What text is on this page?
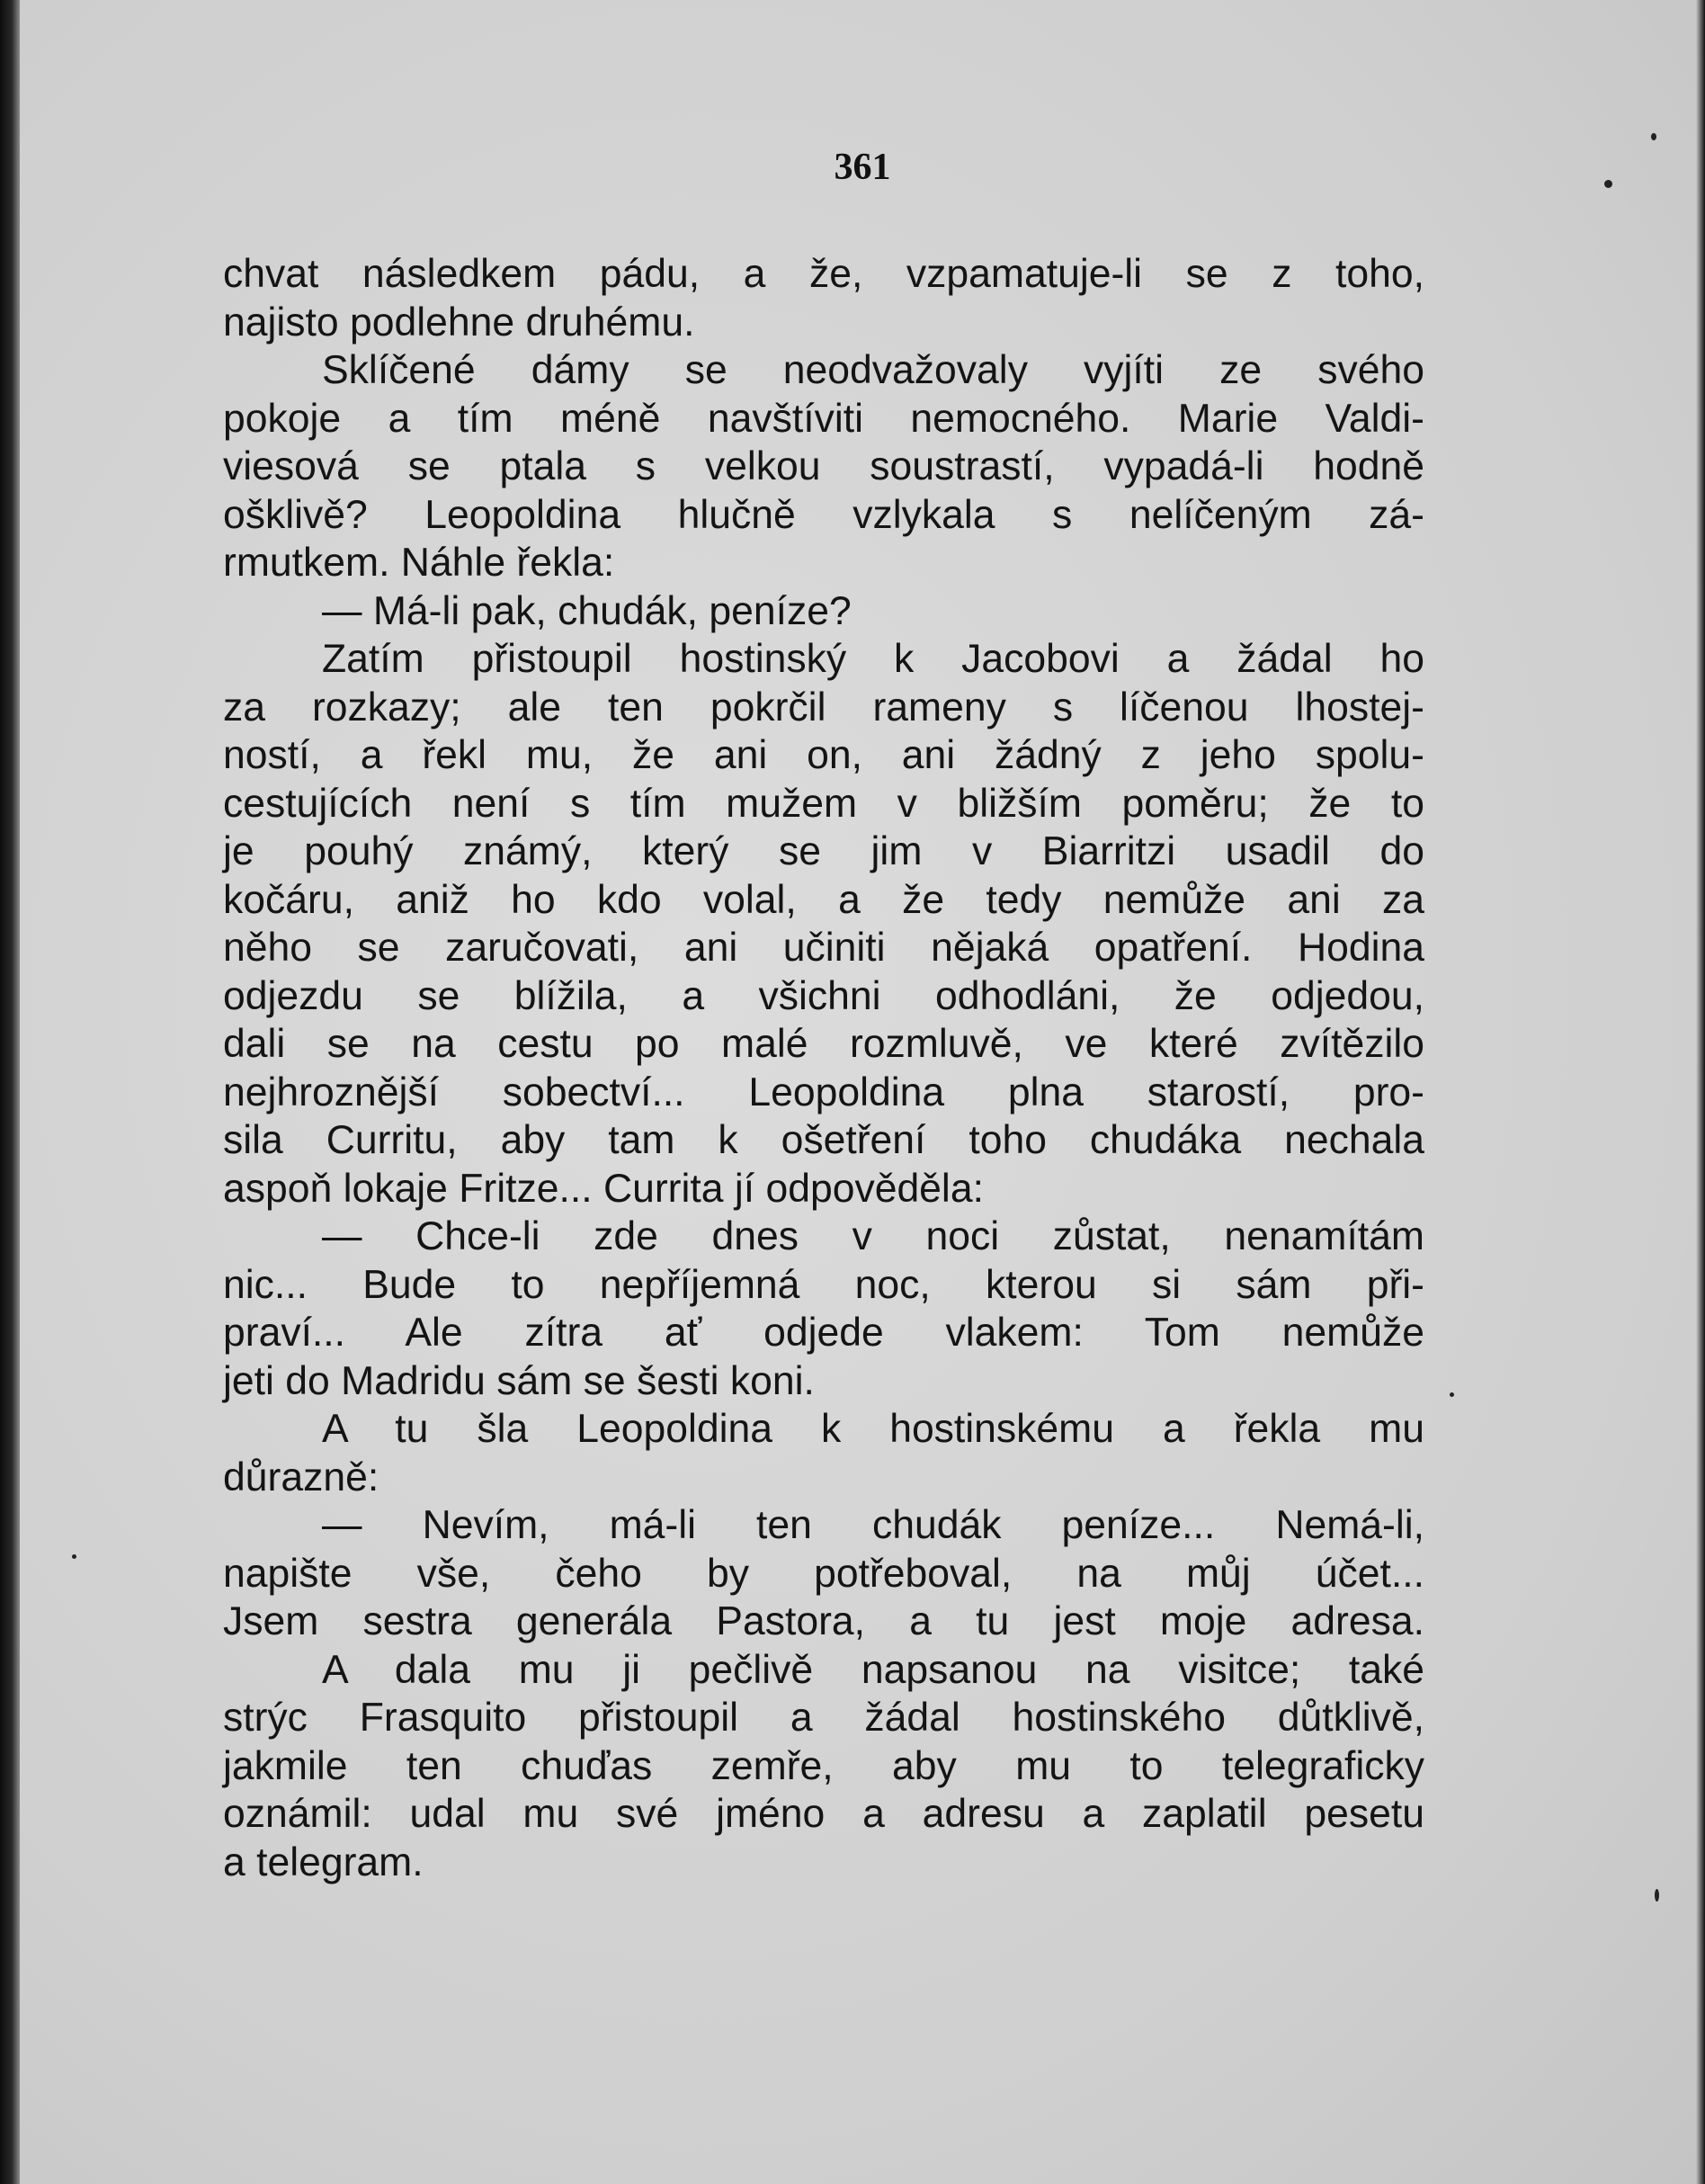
361
chvat následkem pádu, a že, vzpamatuje-li se z toho,
najisto podlehne druhému.
Sklíčené dámy se neodvažovaly vyjíti ze svého
pokoje a tím méně navštíviti nemocného. Marie Valdi-
viesová se ptala s velkou soustrastí, vypadá-li hodně
ošklivě? Leopoldina hlučně vzlykala s nelíčeným zá-
rmutkem. Náhle řekla:
— Má-li pak, chudák, peníze?
Zatím přistoupil hostinský k Jacobovi a žádal ho
za rozkazy; ale ten pokrčil rameny s líčenou lhostej-
ností, a řekl mu, že ani on, ani žádný z jeho spolu-
cestujících není s tím mužem v bližším poměru; že to
je pouhý známý, který se jim v Biarritzi usadil do
kočáru, aniž ho kdo volal, a že tedy nemůže ani za
něho se zaručovati, ani učiniti nějaká opatření. Hodina
odjezdu se blížila, a všichni odhodláni, že odjedou,
dali se na cestu po malé rozmluvě, ve které zvítězilo
nejhroznější sobectví... Leopoldina plna starostí, pro-
sila Curritu, aby tam k ošetření toho chudáka nechala
aspoň lokaje Fritze... Currita jí odpověděla:
— Chce-li zde dnes v noci zůstat, nenamítám
nic... Bude to nepříjemná noc, kterou si sám při-
praví... Ale zítra ať odjede vlakem: Tom nemůže
jeti do Madridu sám se šesti koni.
A tu šla Leopoldina k hostinskému a řekla mu
důrazně:
— Nevím, má-li ten chudák peníze... Nemá-li,
napište vše, čeho by potřeboval, na můj účet...
Jsem sestra generála Pastora, a tu jest moje adresa.
A dala mu ji pečlivě napsanou na visitce; také
strýc Frasquito přistoupil a žádal hostinského důtklivě,
jakmile ten chuďas zemře, aby mu to telegraficky
oznámil: udal mu své jméno a adresu a zaplatil pesetu
a telegram.
